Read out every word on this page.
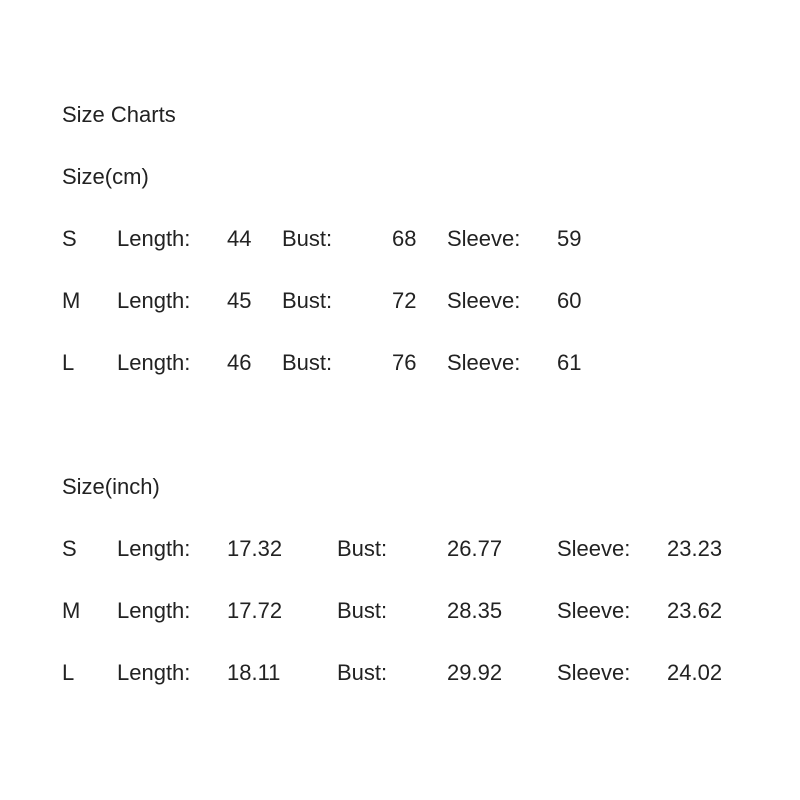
Size Charts
Size(cm)
S Length: 44 Bust:	68 Sleeve: 59
M Length: 45 Bust:	72 Sleeve: 60
L Length: 46 Bust:	76 Sleeve: 61
Size(inch)
S Length: 17.32 Bust:	26.77 Sleeve: 23.23
M Length: 17.72 Bust:	28.35 Sleeve: 23.62
L Length: 18.11	Bust:	29.92 Sleeve: 24.02
